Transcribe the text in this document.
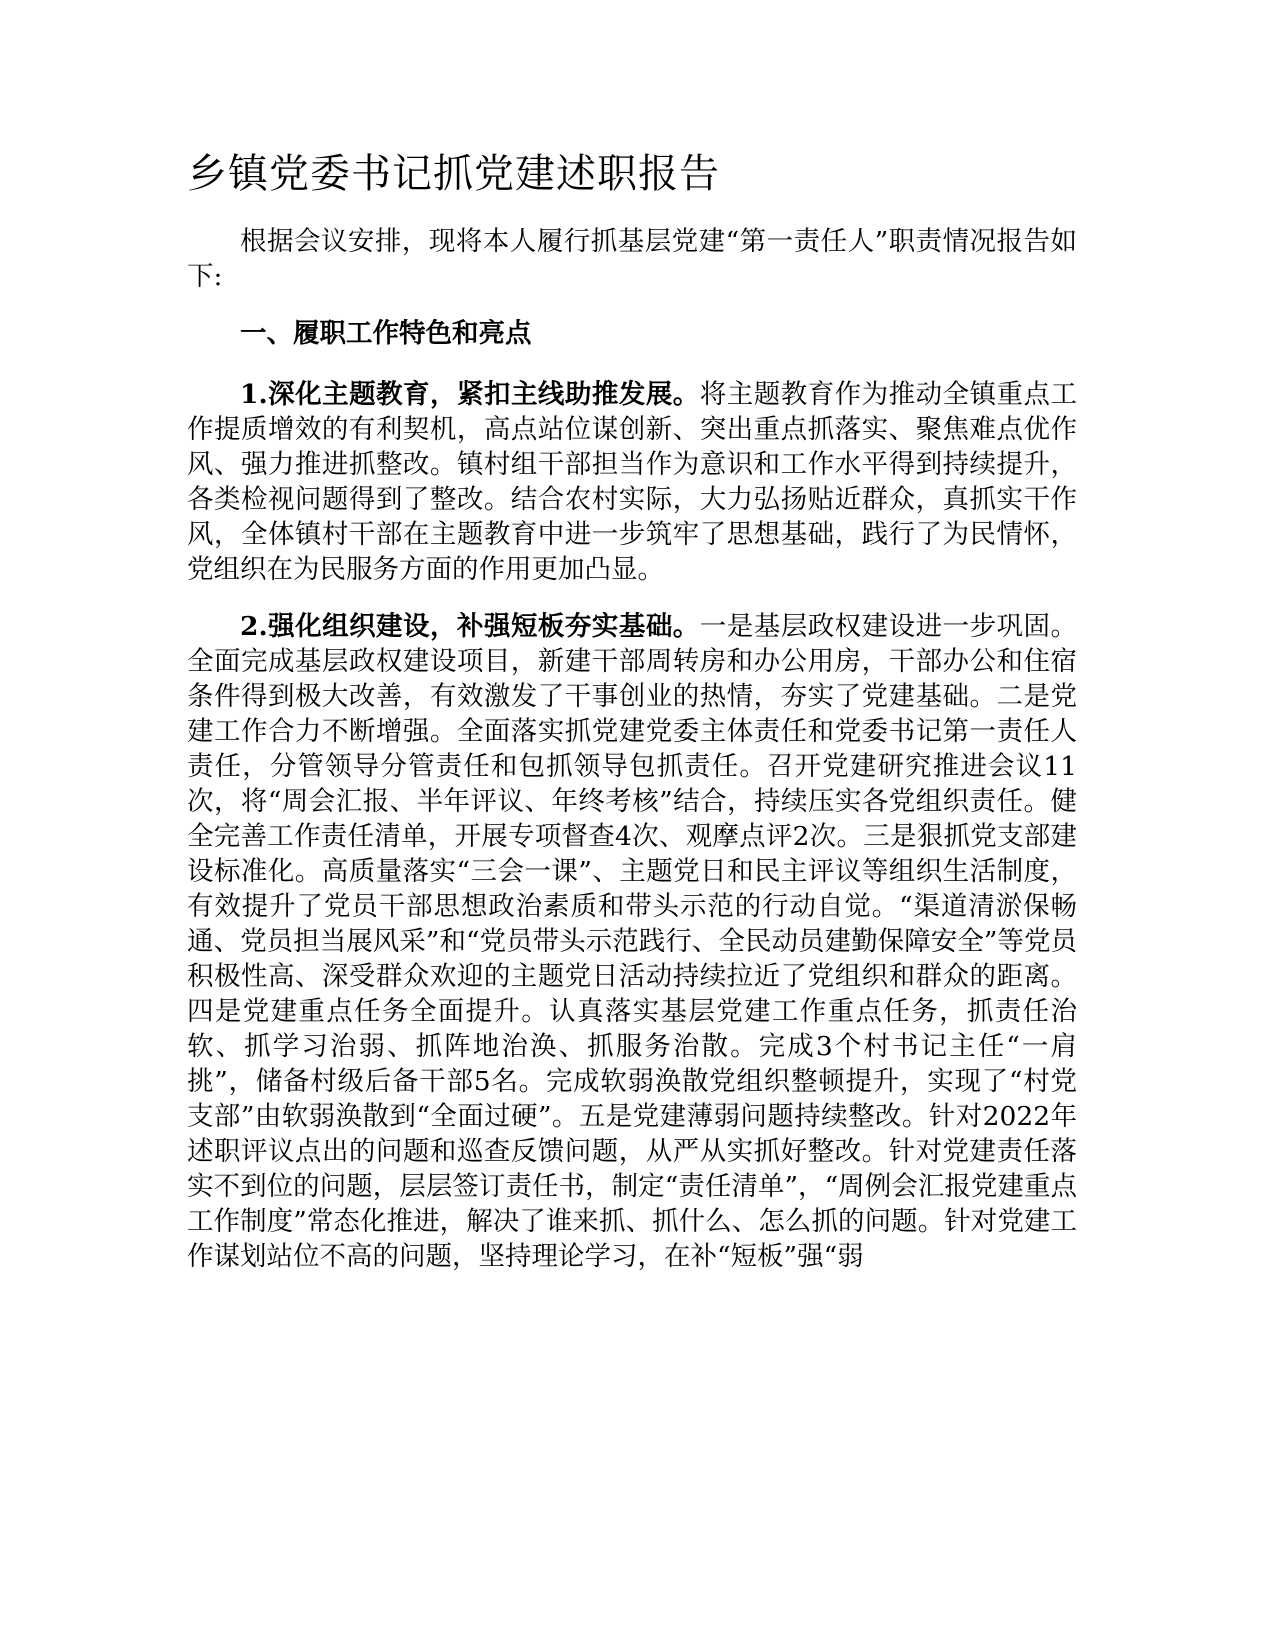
乡镇党委书记抓党建述职报告

根据会议安排，现将本人履行抓基层党建“第一责任人”职责情况报告如下:

一、履职工作特色和亮点

1.深化主题教育，紧扣主线助推发展。将主题教育作为推动全镇重点工作提质增效的有利契机，高点站位谋创新、突出重点抓落实、聚焦难点优作风、强力推进抓整改。镇村组干部担当作为意识和工作水平得到持续提升，各类检视问题得到了整改。结合农村实际，大力弘扬贴近群众，真抓实干作风，全体镇村干部在主题教育中进一步筑牢了思想基础，践行了为民情怀，党组织在为民服务方面的作用更加凸显。

2.强化组织建设，补强短板夯实基础。一是基层政权建设进一步巩固。全面完成基层政权建设项目，新建干部周转房和办公用房，干部办公和住宿条件得到极大改善，有效激发了干事创业的热情，夯实了党建基础。二是党建工作合力不断增强。全面落实抓党建党委主体责任和党委书记第一责任人责任，分管领导分管责任和包抓领导包抓责任。召开党建研究推进会议11次，将“周会汇报、半年评议、年终考核”结合，持续压实各党组织责任。健全完善工作责任清单，开展专项督查4次、观摩点评2次。三是狠抓党支部建设标准化。高质量落实“三会一课”、主题党日和民主评议等组织生活制度，有效提升了党员干部思想政治素质和带头示范的行动自觉。“渠道清淤保畅通、党员担当展风采”和“党员带头示范践行、全民动员建勤保障安全”等党员积极性高、深受群众欢迎的主题党日活动持续拉近了党组织和群众的距离。四是党建重点任务全面提升。认真落实基层党建工作重点任务，抓责任治软、抓学习治弱、抓阵地治涣、抓服务治散。完成3个村书记主任“一肩挑”，储备村级后备干部5名。完成软弱涣散党组织整顿提升，实现了“村党支部”由软弱涣散到“全面过硬”。五是党建薄弱问题持续整改。针对2022年述职评议点出的问题和巡查反馈问题，从严从实抓好整改。针对党建责任落实不到位的问题，层层签订责任书，制定“责任清单”，“周例会汇报党建重点工作制度”常态化推进，解决了谁来抓、抓什么、怎么抓的问题。针对党建工作谋划站位不高的问题，坚持理论学习，在补“短板”强“弱
